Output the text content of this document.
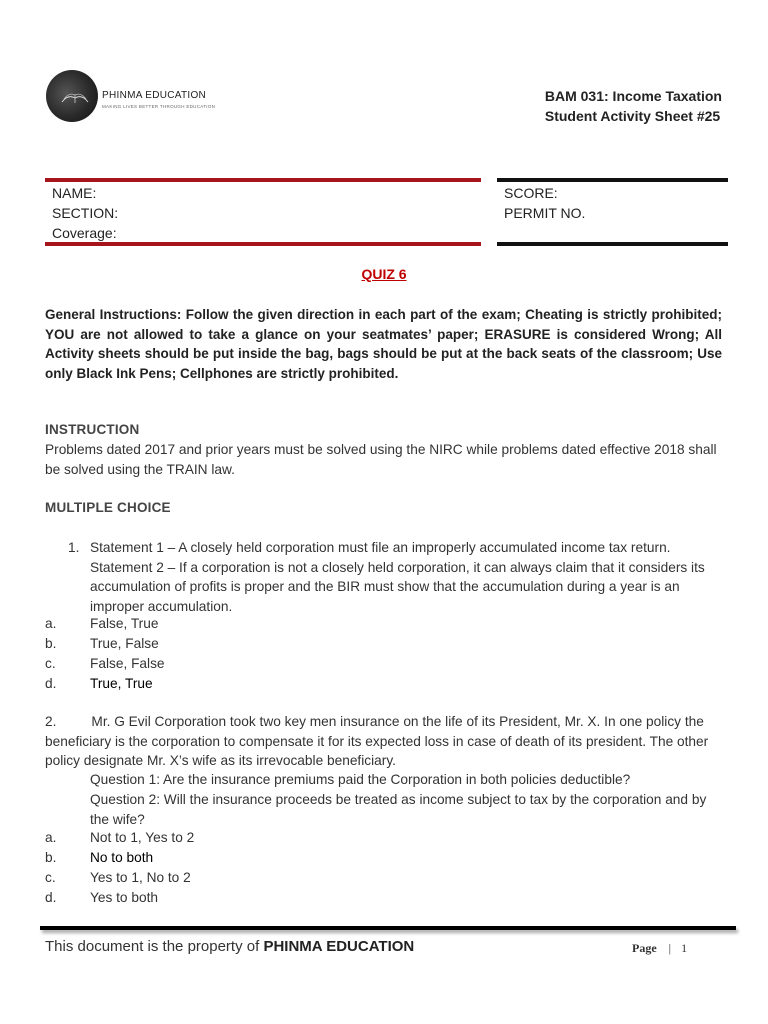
PHINMA EDUCATION
MAKING LIVES BETTER THROUGH EDUCATION
BAM 031: Income Taxation
Student Activity Sheet #25
NAME:
SECTION:
Coverage:
SCORE:
PERMIT NO.
QUIZ 6
General Instructions: Follow the given direction in each part of the exam; Cheating is strictly prohibited; YOU are not allowed to take a glance on your seatmates’ paper; ERASURE is considered Wrong; All Activity sheets should be put inside the bag, bags should be put at the back seats of the classroom; Use only Black Ink Pens; Cellphones are strictly prohibited.
INSTRUCTION
Problems dated 2017 and prior years must be solved using the NIRC while problems dated effective 2018 shall be solved using the TRAIN law.
MULTIPLE CHOICE
1. Statement 1 – A closely held corporation must file an improperly accumulated income tax return.
Statement 2 – If a corporation is not a closely held corporation, it can always claim that it considers its accumulation of profits is proper and the BIR must show that the accumulation during a year is an improper accumulation.
a. False, True
b. True, False
c.	False, False
d. True, True
2.	Mr. G Evil Corporation took two key men insurance on the life of its President, Mr. X. In one policy the beneficiary is the corporation to compensate it for its expected loss in case of death of its president. The other policy designate Mr. X’s wife as its irrevocable beneficiary.
Question 1: Are the insurance premiums paid the Corporation in both policies deductible?
Question 2: Will the insurance proceeds be treated as income subject to tax by the corporation and by the wife?
a. Not to 1, Yes to 2
b. No to both
c.	Yes to 1, No to 2
d. Yes to both
This document is the property of PHINMA EDUCATION	Page | 1
